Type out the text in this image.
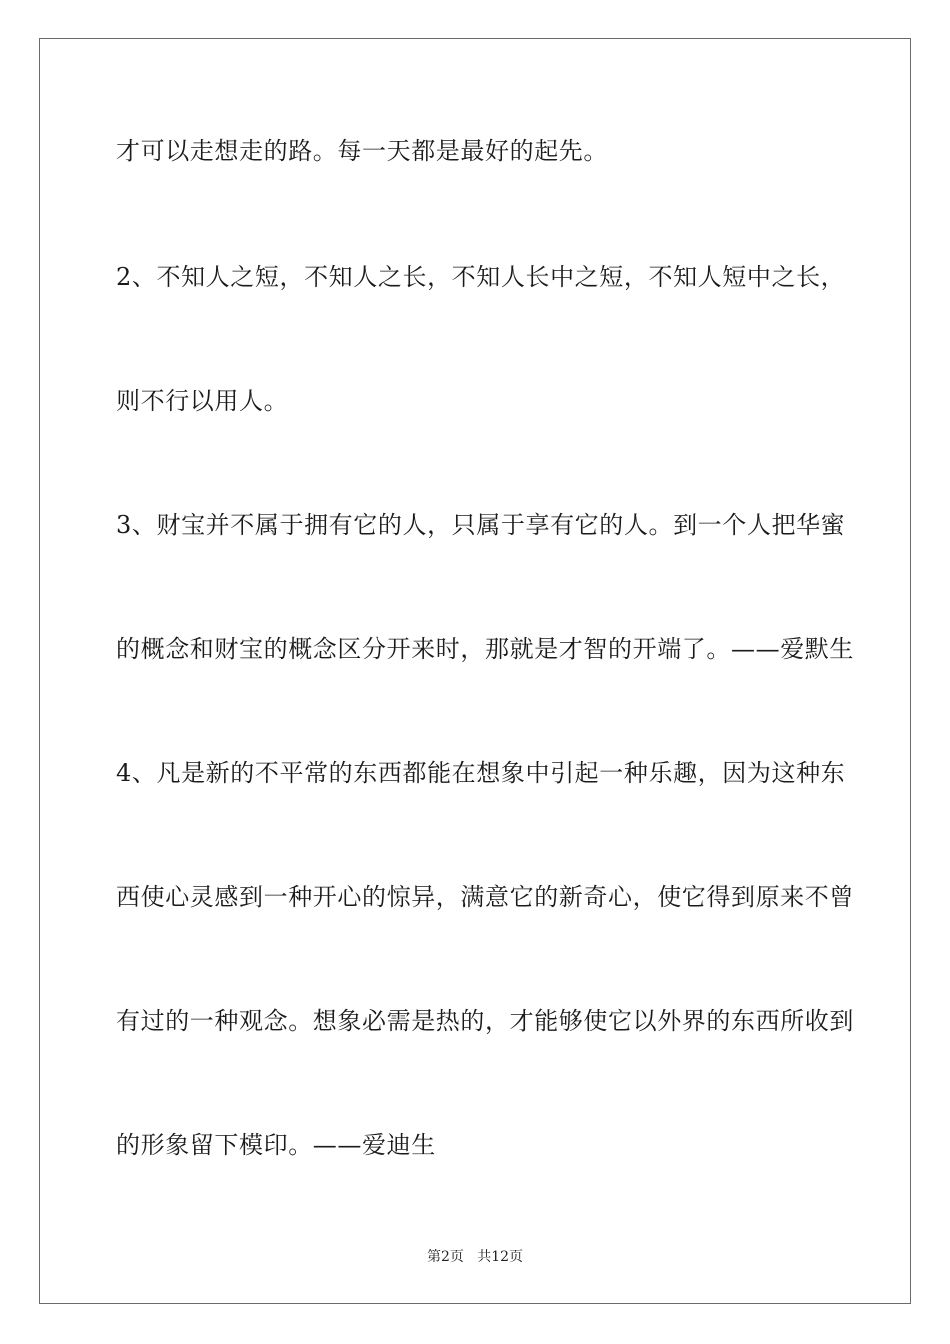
才可以走想走的路。每一天都是最好的起先。
2、不知人之短，不知人之长，不知人长中之短，不知人短中之长，
则不行以用人。
3、财宝并不属于拥有它的人，只属于享有它的人。到一个人把华蜜
的概念和财宝的概念区分开来时，那就是才智的开端了。——爱默生
4、凡是新的不平常的东西都能在想象中引起一种乐趣，因为这种东
西使心灵感到一种开心的惊异，满意它的新奇心，使它得到原来不曾
有过的一种观念。想象必需是热的，才能够使它以外界的东西所收到
的形象留下模印。——爱迪生
第2页   共12页
